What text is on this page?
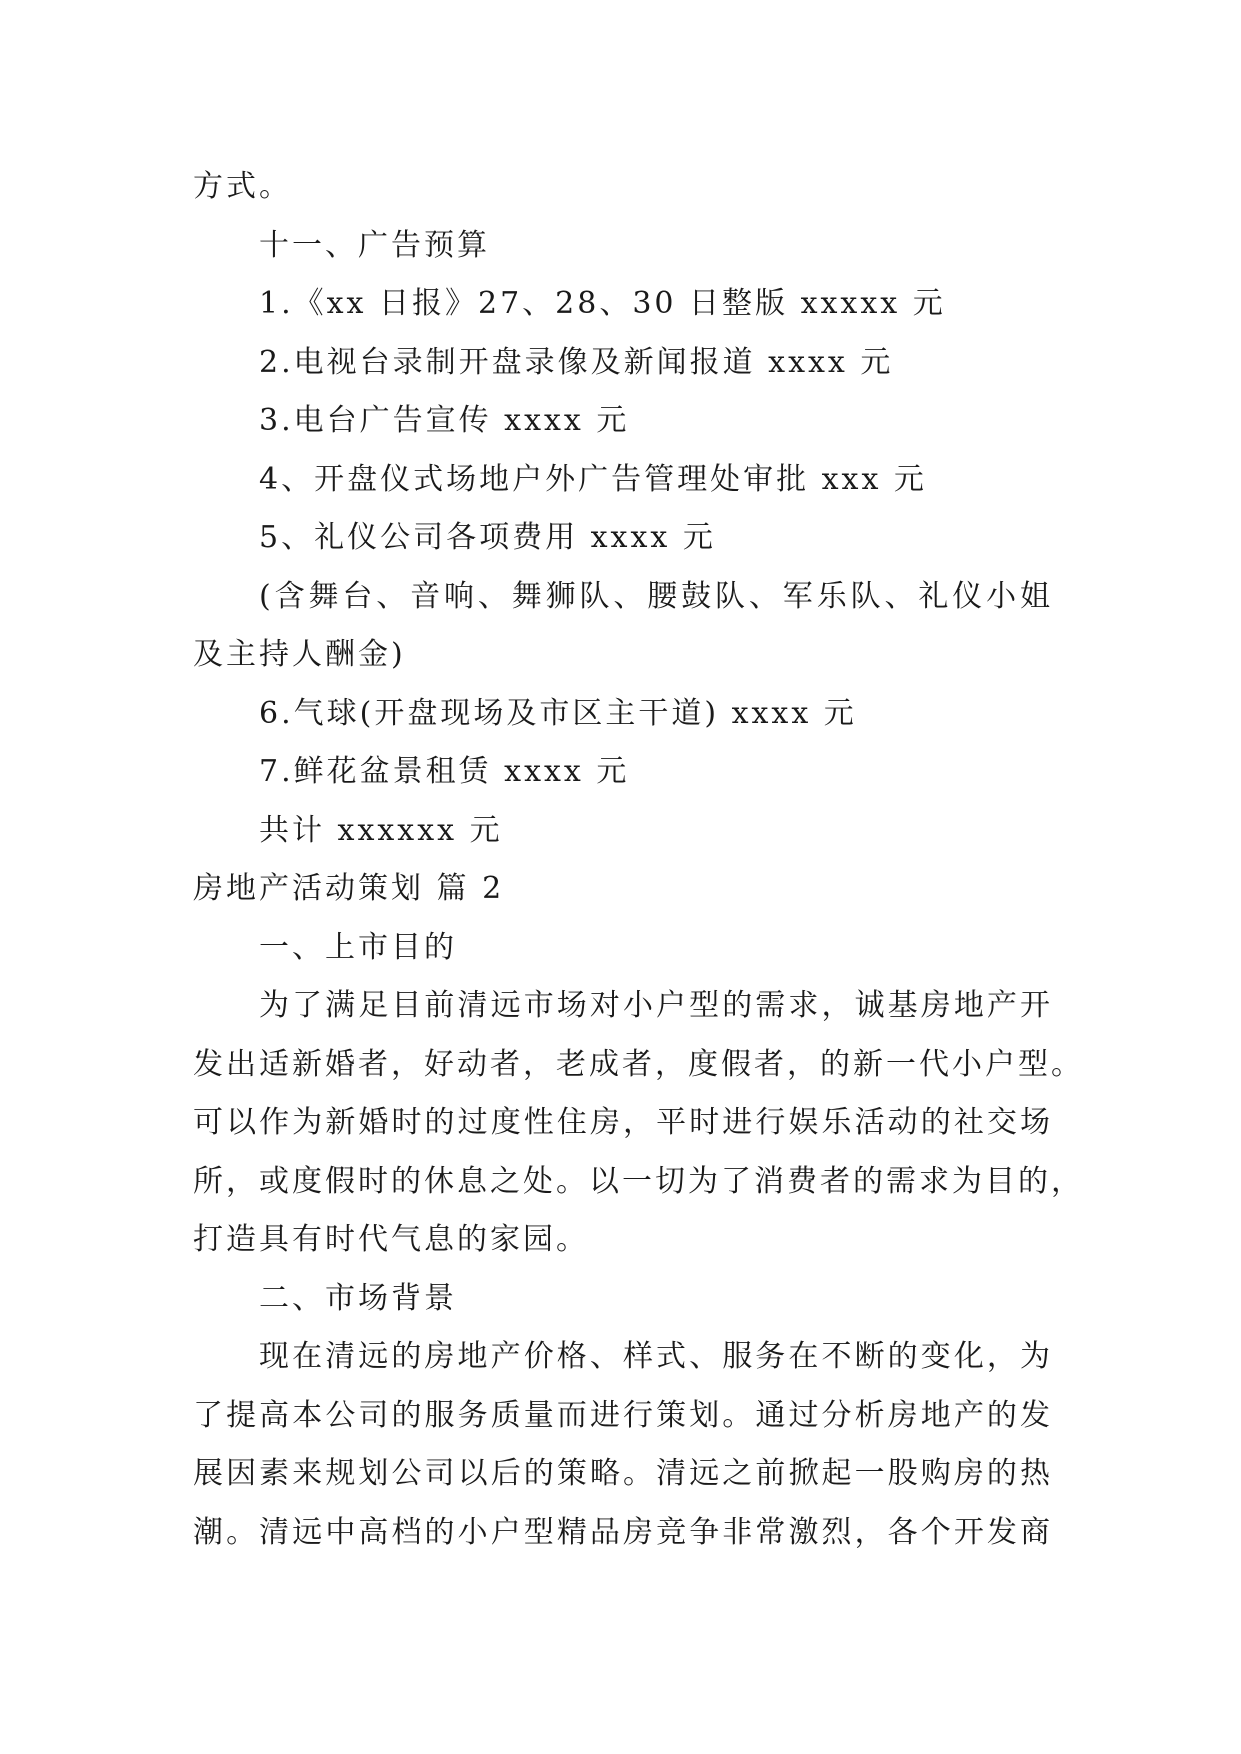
方式。
十一、广告预算
1.《xx 日报》27、28、30 日整版 xxxxx 元
2.电视台录制开盘录像及新闻报道 xxxx 元
3.电台广告宣传 xxxx 元
4、开盘仪式场地户外广告管理处审批 xxx 元
5、礼仪公司各项费用 xxxx 元
(含舞台、音响、舞狮队、腰鼓队、军乐队、礼仪小姐
及主持人酬金)
6.气球(开盘现场及市区主干道) xxxx 元
7.鲜花盆景租赁 xxxx 元
共计 xxxxxx 元
房地产活动策划 篇 2
一、上市目的
为了满足目前清远市场对小户型的需求，诚基房地产开
发出适新婚者，好动者，老成者，度假者，的新一代小户型。
可以作为新婚时的过度性住房，平时进行娱乐活动的社交场
所，或度假时的休息之处。以一切为了消费者的需求为目的，
打造具有时代气息的家园。
二、市场背景
现在清远的房地产价格、样式、服务在不断的变化，为
了提高本公司的服务质量而进行策划。通过分析房地产的发
展因素来规划公司以后的策略。清远之前掀起一股购房的热
潮。清远中高档的小户型精品房竞争非常激烈，各个开发商
